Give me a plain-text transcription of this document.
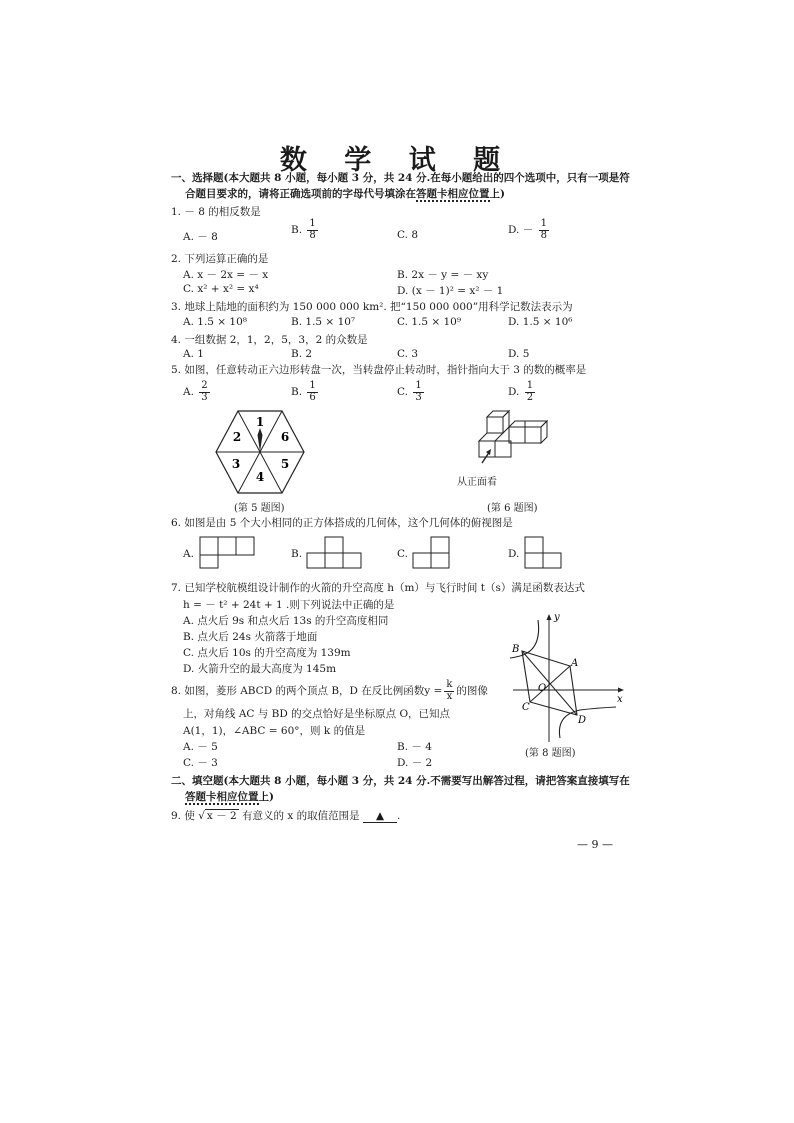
数 学 试 题
一、选择题(本大题共 8 小题，每小题 3 分，共 24 分.在每小题给出的四个选项中，只有一项是符
合题目要求的，请将正确选项前的字母代号填涂在答题卡相应位置上)
1. － 8 的相反数是
A. － 8
B. $\frac{1}{8}$	C. 8	D. － $\frac{1}{8}$
2. 下列运算正确的是
A. x － 2x = － x	B. 2x － y = － xy
C. x² + x² = x⁴	D. (x － 1)² = x² － 1
3. 地球上陆地的面积约为 150 000 000 km². 把“150 000 000”用科学记数法表示为
A. 1.5 × 10⁸	B. 1.5 × 10⁷	C. 1.5 × 10⁹	D. 1.5 × 10⁶
4. 一组数据 2，1，2，5，3，2 的众数是
A. 1	B. 2	C. 3	D. 5
5. 如图，任意转动正六边形转盘一次，当转盘停止转动时，指针指向大于 3 的数的概率是
A. $\frac{2}{3}$	B. $\frac{1}{6}$	C. $\frac{1}{3}$	D. $\frac{1}{2}$
1
6
5
4
3
2
(第 5 题图)
从正面看
(第 6 题图)
6. 如图是由 5 个大小相同的正方体搭成的几何体，这个几何体的俯视图是
A.	B.	C.	D.
7. 已知学校航模组设计制作的火箭的升空高度 h（m）与飞行时间 t（s）满足函数表达式
h = － t² + 24t + 1 .则下列说法中正确的是
A. 点火后 9s 和点火后 13s 的升空高度相同
B. 点火后 24s 火箭落于地面
C. 点火后 10s 的升空高度为 139m
D. 火箭升空的最大高度为 145m
8. 如图，菱形 ABCD 的两个顶点 B，D 在反比例函数$y = \frac{k}{x}$ 的图像
上，对角线 AC 与 BD 的交点恰好是坐标原点 O，已知点
A(1，1)，∠ABC = 60°，则 k 的值是
A. － 5	B. － 4
C. － 3	D. － 2
y
x
B
A
O
C
D
(第 8 题图)
二、填空题(本大题共 8 小题，每小题 3 分，共 24 分.不需要写出解答过程，请把答案直接填写在
答题卡相应位置上)
9. 使 √ x － 2 有意义的 x 的取值范围是 ▲ .
— 9 —
